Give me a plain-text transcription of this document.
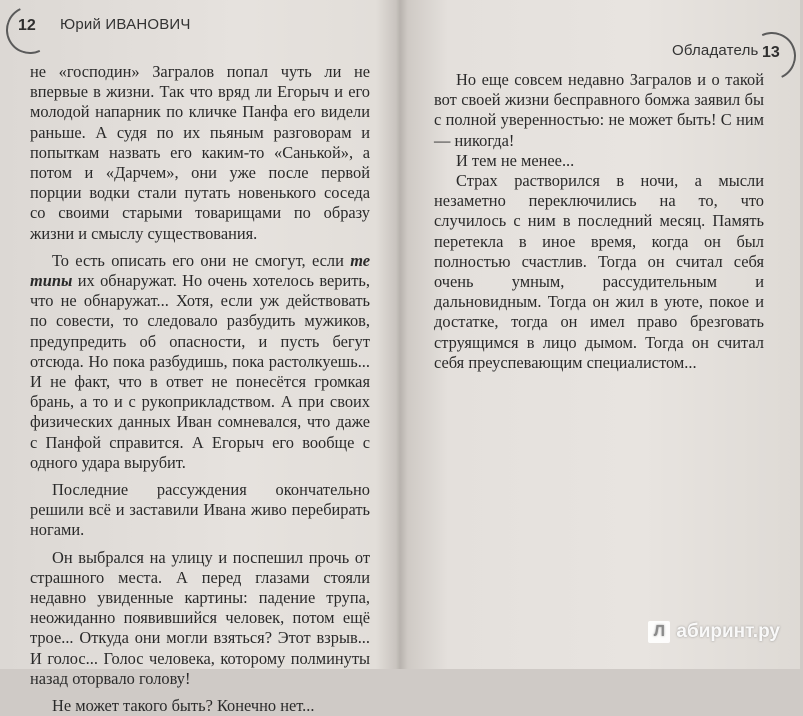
12 Юрий ИВАНОВИЧ

не «господин» Загралов попал чуть ли не впервые в жизни. Так что вряд ли Егорыч и его молодой напарник по кличке Панфа его видели раньше. А судя по их пьяным разговорам и попыткам назвать его каким-то «Санькой», а потом и «Дарчем», они уже после первой порции водки стали путать новенького соседа со своими старыми товарищами по образу жизни и смыслу существования.

То есть описать его они не смогут, если те типы их обнаружат. Но очень хотелось верить, что не обнаружат... Хотя, если уж действовать по совести, то следовало разбудить мужиков, предупредить об опасности, и пусть бегут отсюда. Но пока разбудишь, пока растолкуешь... И не факт, что в ответ не понесётся громкая брань, а то и с рукоприкладством. А при своих физических данных Иван сомневался, что даже с Панфой справится. А Егорыч его вообще с одного удара вырубит.

Последние рассуждения окончательно решили всё и заставили Ивана живо перебирать ногами.

Он выбрался на улицу и поспешил прочь от страшного места. А перед глазами стояли недавно увиденные картины: падение трупа, неожиданно появившийся человек, потом ещё трое... Откуда они могли взяться? Этот взрыв... И голос... Голос человека, которому полминуты назад оторвало голову!

Не может такого быть? Конечно нет...

Обладатель 13

Но еще совсем недавно Загралов и о такой вот своей жизни бесправного бомжа заявил бы с полной уверенностью: не может быть! С ним — никогда!

И тем не менее...

Страх растворился в ночи, а мысли незаметно переключились на то, что случилось с ним в последний месяц. Память перетекла в иное время, когда он был полностью счастлив. Тогда он считал себя очень умным, рассудительным и дальновидным. Тогда он жил в уюте, покое и достатке, тогда он имел право брезговать струящимся в лицо дымом. Тогда он считал себя преуспевающим специалистом...

Л абиринт.ру
